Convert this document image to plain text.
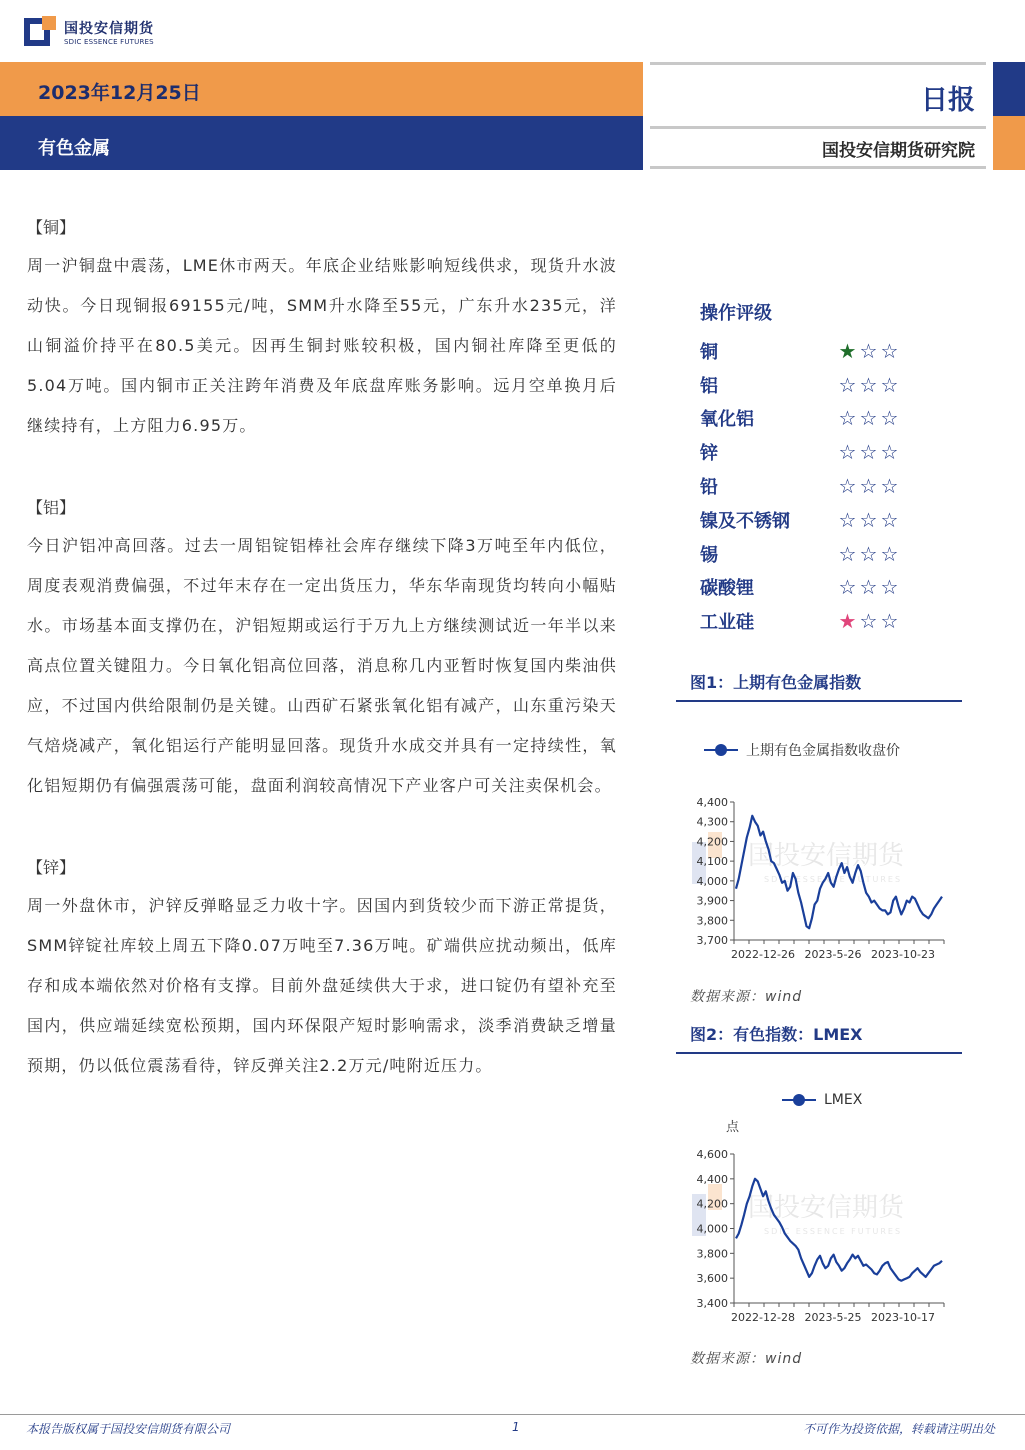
国投安信期货
SDIC ESSENCE FUTURES
2023年12月25日
有色金属
日报
国投安信期货研究院
【铜】
周一沪铜盘中震荡，LME休市两天。年底企业结账影响短线供求，现货升水波动快。今日现铜报69155元/吨，SMM升水降至55元，广东升水235元，洋山铜溢价持平在80.5美元。因再生铜封账较积极，国内铜社库降至更低的5.04万吨。国内铜市正关注跨年消费及年底盘库账务影响。远月空单换月后继续持有，上方阻力6.95万。
【铝】
今日沪铝冲高回落。过去一周铝锭铝棒社会库存继续下降3万吨至年内低位，周度表观消费偏强，不过年末存在一定出货压力，华东华南现货均转向小幅贴水。市场基本面支撑仍在，沪铝短期或运行于万九上方继续测试近一年半以来高点位置关键阻力。今日氧化铝高位回落，消息称几内亚暂时恢复国内柴油供应，不过国内供给限制仍是关键。山西矿石紧张氧化铝有减产，山东重污染天气焙烧减产，氧化铝运行产能明显回落。现货升水成交并具有一定持续性，氧化铝短期仍有偏强震荡可能，盘面利润较高情况下产业客户可关注卖保机会。
【锌】
周一外盘休市，沪锌反弹略显乏力收十字。因国内到货较少而下游正常提货，SMM锌锭社库较上周五下降0.07万吨至7.36万吨。矿端供应扰动频出，低库存和成本端依然对价格有支撑。目前外盘延续供大于求，进口锭仍有望补充至国内，供应端延续宽松预期，国内环保限产短时影响需求，淡季消费缺乏增量预期，仍以低位震荡看待，锌反弹关注2.2万元/吨附近压力。
操作评级
铜	★ ☆ ☆
铝	☆ ☆ ☆
氧化铝	☆ ☆ ☆
锌	☆ ☆ ☆
铅	☆ ☆ ☆
镍及不锈钢	☆ ☆ ☆
锡	☆ ☆ ☆
碳酸锂	☆ ☆ ☆
工业硅	★ ☆ ☆
图1：上期有色金属指数
上期有色金属指数收盘价
国投安信期货
SDIC ESSENCE FUTURES
3,700
3,800
3,900
4,000
4,100
4,200
4,300
4,400
2022-12-26 2023-5-26 2023-10-23
数据来源：wind
图2：有色指数：LMEX
LMEX
点
国投安信期货
SDIC ESSENCE FUTURES
3,400
3,600
3,800
4,000
4,200
4,400
4,600
2022-12-28 2023-5-25 2023-10-17
数据来源：wind
本报告版权属于国投安信期货有限公司	1	不可作为投资依据，转载请注明出处
